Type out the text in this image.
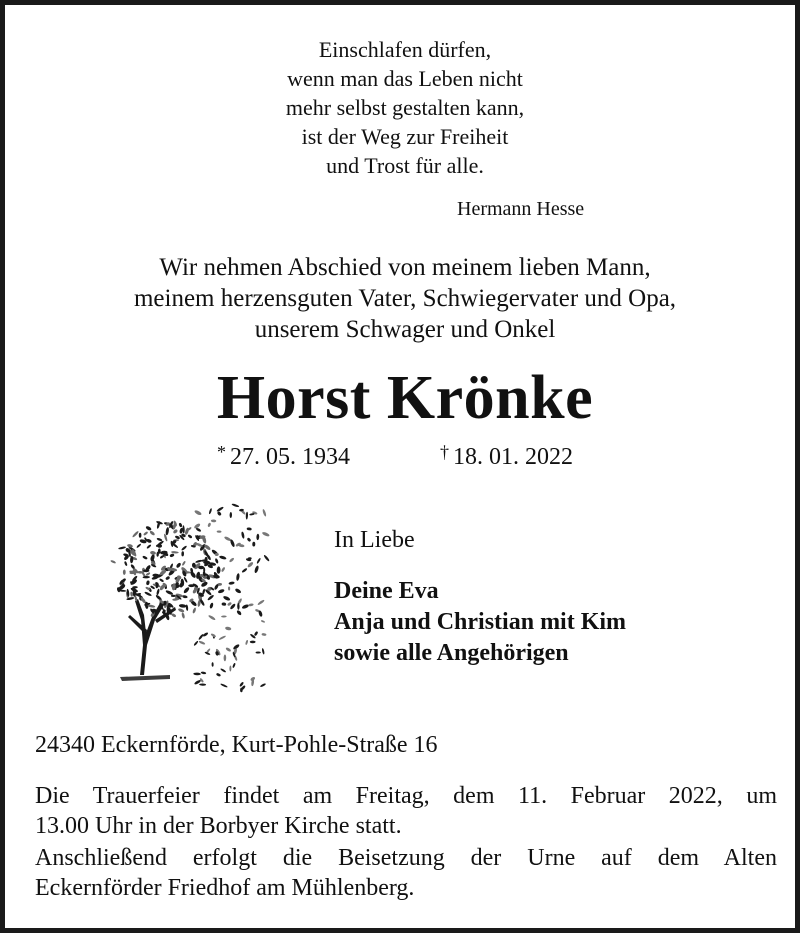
Einschlafen dürfen,
wenn man das Leben nicht
mehr selbst gestalten kann,
ist der Weg zur Freiheit
und Trost für alle.
Hermann Hesse
Wir nehmen Abschied von meinem lieben Mann,
meinem herzensguten Vater, Schwiegervater und Opa,
unserem Schwager und Onkel
Horst Krönke
* 27. 05. 1934	† 18. 01. 2022
In Liebe
Deine Eva
Anja und Christian mit Kim
sowie alle Angehörigen
24340 Eckernförde, Kurt-Pohle-Straße 16
Die Trauerfeier findet am Freitag, dem 11. Februar 2022, um
13.00 Uhr in der Borbyer Kirche statt.
Anschließend erfolgt die Beisetzung der Urne auf dem Alten
Eckernförder Friedhof am Mühlenberg.
